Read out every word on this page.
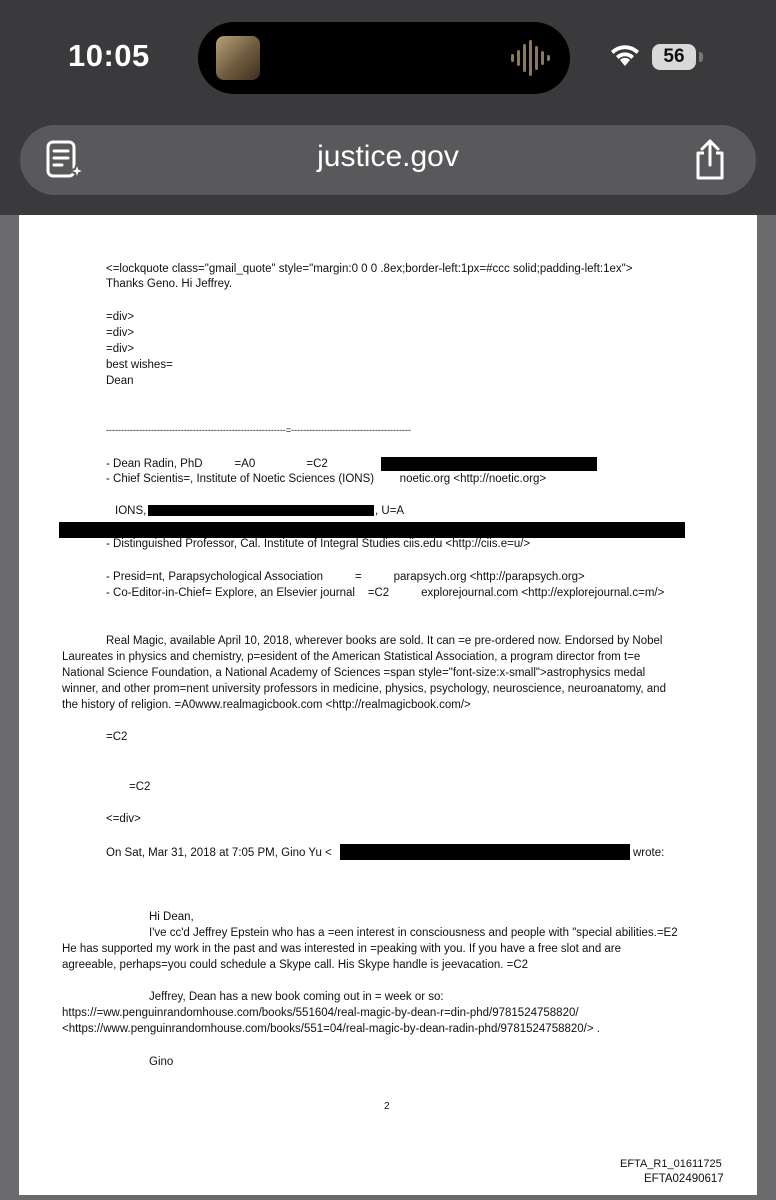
10:05	56
justice.gov
<=lockquote class="gmail_quote" style="margin:0 0 0 .8ex;border-left:1px=#ccc solid;padding-left:1ex">
Thanks Geno. Hi Jeffrey.
=div>
=div>
=div>
best wishes=
Dean
------------------------------------------------------------=----------------------------------------
- Dean Radin, PhD          =A0                =C2
- Chief Scientis=, Institute of Noetic Sciences (IONS)        noetic.org <http://noetic.org>
IONS,	, U=A
- Distinguished Professor, Cal. Institute of Integral Studies ciis.edu <http://ciis.e=u/>
- Presid=nt, Parapsychological Association          =          parapsych.org <http://parapsych.org>
- Co-Editor-in-Chief= Explore, an Elsevier journal    =C2          explorejournal.com <http://explorejournal.c=m/>
Real Magic, available April 10, 2018, wherever books are sold. It can =e pre-ordered now. Endorsed by Nobel
Laureates in physics and chemistry, p=esident of the American Statistical Association, a program director from t=e
National Science Foundation, a National Academy of Sciences =span style="font-size:x-small">astrophysics medal
winner, and other prom=nent university professors in medicine, physics, psychology, neuroscience, neuroanatomy, and
the history of religion. =A0www.realmagicbook.com <http://realmagicbook.com/>
=C2
=C2
<=div>
On Sat, Mar 31, 2018 at 7:05 PM, Gino Yu <	wrote:
Hi Dean,
I've cc'd Jeffrey Epstein who has a =een interest in consciousness and people with "special abilities.=E2
He has supported my work in the past and was interested in =peaking with you. If you have a free slot and are
agreeable, perhaps=you could schedule a Skype call. His Skype handle is jeevacation. =C2
Jeffrey, Dean has a new book coming out in = week or so:
https://=ww.penguinrandomhouse.com/books/551604/real-magic-by-dean-r=din-phd/9781524758820/
<https://www.penguinrandomhouse.com/books/551=04/real-magic-by-dean-radin-phd/9781524758820/> .
Gino
2
EFTA_R1_01611725
EFTA02490617
